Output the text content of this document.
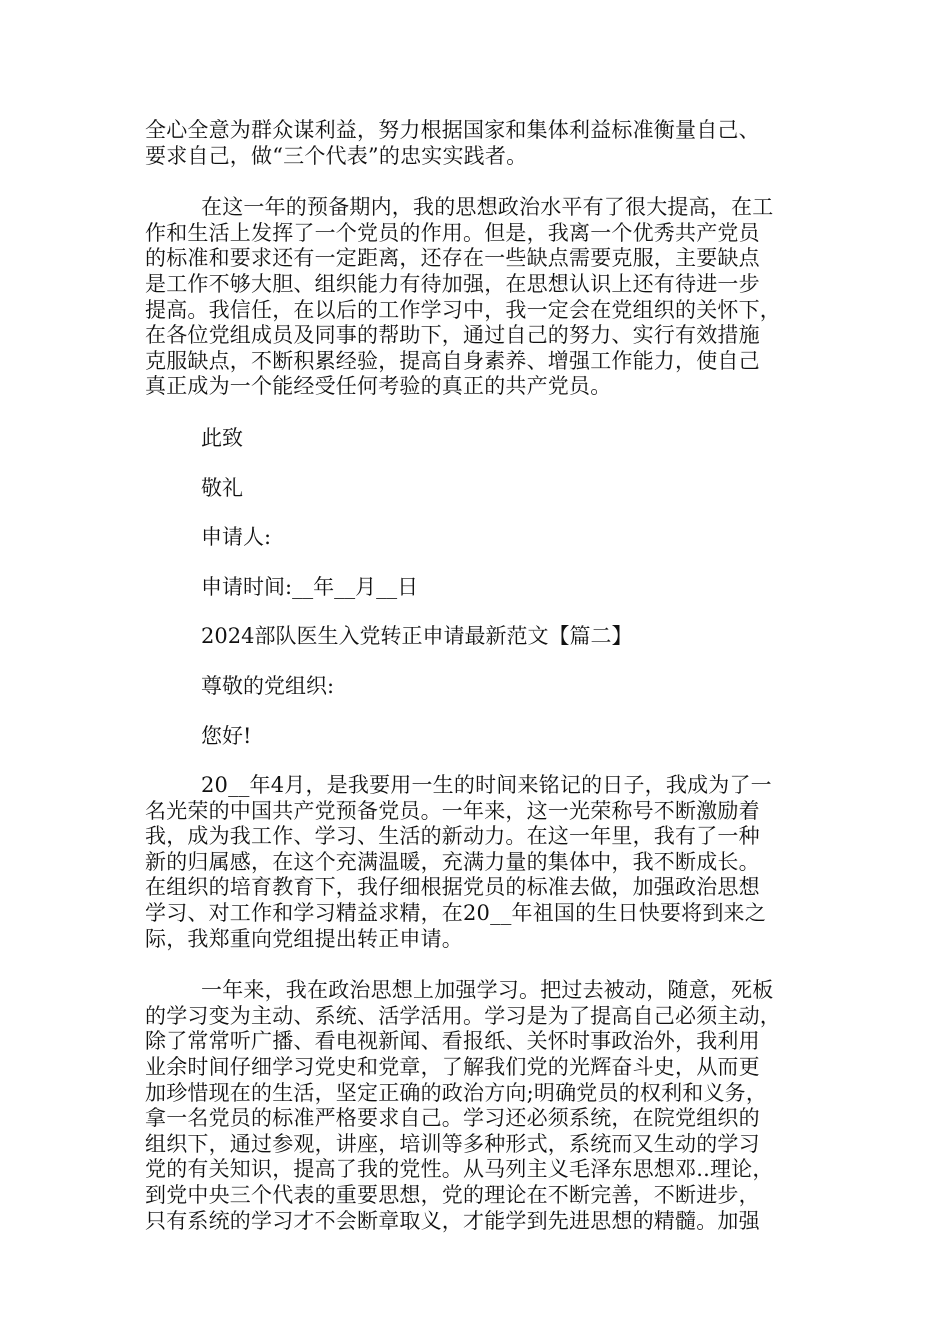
全心全意为群众谋利益，努力根据国家和集体利益标准衡量自己、
要求自己，做“三个代表”的忠实实践者。
在这一年的预备期内，我的思想政治水平有了很大提高，在工
作和生活上发挥了一个党员的作用。但是，我离一个优秀共产党员
的标准和要求还有一定距离，还存在一些缺点需要克服，主要缺点
是工作不够大胆、组织能力有待加强，在思想认识上还有待进一步
提高。我信任，在以后的工作学习中，我一定会在党组织的关怀下，
在各位党组成员及同事的帮助下，通过自己的努力、实行有效措施
克服缺点，不断积累经验，提高自身素养、增强工作能力，使自己
真正成为一个能经受任何考验的真正的共产党员。
此致
敬礼
申请人:
申请时间:__年__月__日
2024部队医生入党转正申请最新范文【篇二】
尊敬的党组织:
您好!
20__年4月，是我要用一生的时间来铭记的日子，我成为了一
名光荣的中国共产党预备党员。一年来，这一光荣称号不断激励着
我，成为我工作、学习、生活的新动力。在这一年里，我有了一种
新的归属感，在这个充满温暖，充满力量的集体中，我不断成长。
在组织的培育教育下，我仔细根据党员的标准去做，加强政治思想
学习、对工作和学习精益求精，在20__年祖国的生日快要将到来之
际，我郑重向党组提出转正申请。
一年来，我在政治思想上加强学习。把过去被动，随意，死板
的学习变为主动、系统、活学活用。学习是为了提高自己必须主动，
除了常常听广播、看电视新闻、看报纸、关怀时事政治外，我利用
业余时间仔细学习党史和党章，了解我们党的光辉奋斗史，从而更
加珍惜现在的生活，坚定正确的政治方向;明确党员的权利和义务，
拿一名党员的标准严格要求自己。学习还必须系统，在院党组织的
组织下，通过参观，讲座，培训等多种形式，系统而又生动的学习
党的有关知识，提高了我的党性。从马列主义毛泽东思想邓..理论，
到党中央三个代表的重要思想，党的理论在不断完善，不断进步，
只有系统的学习才不会断章取义，才能学到先进思想的精髓。加强
